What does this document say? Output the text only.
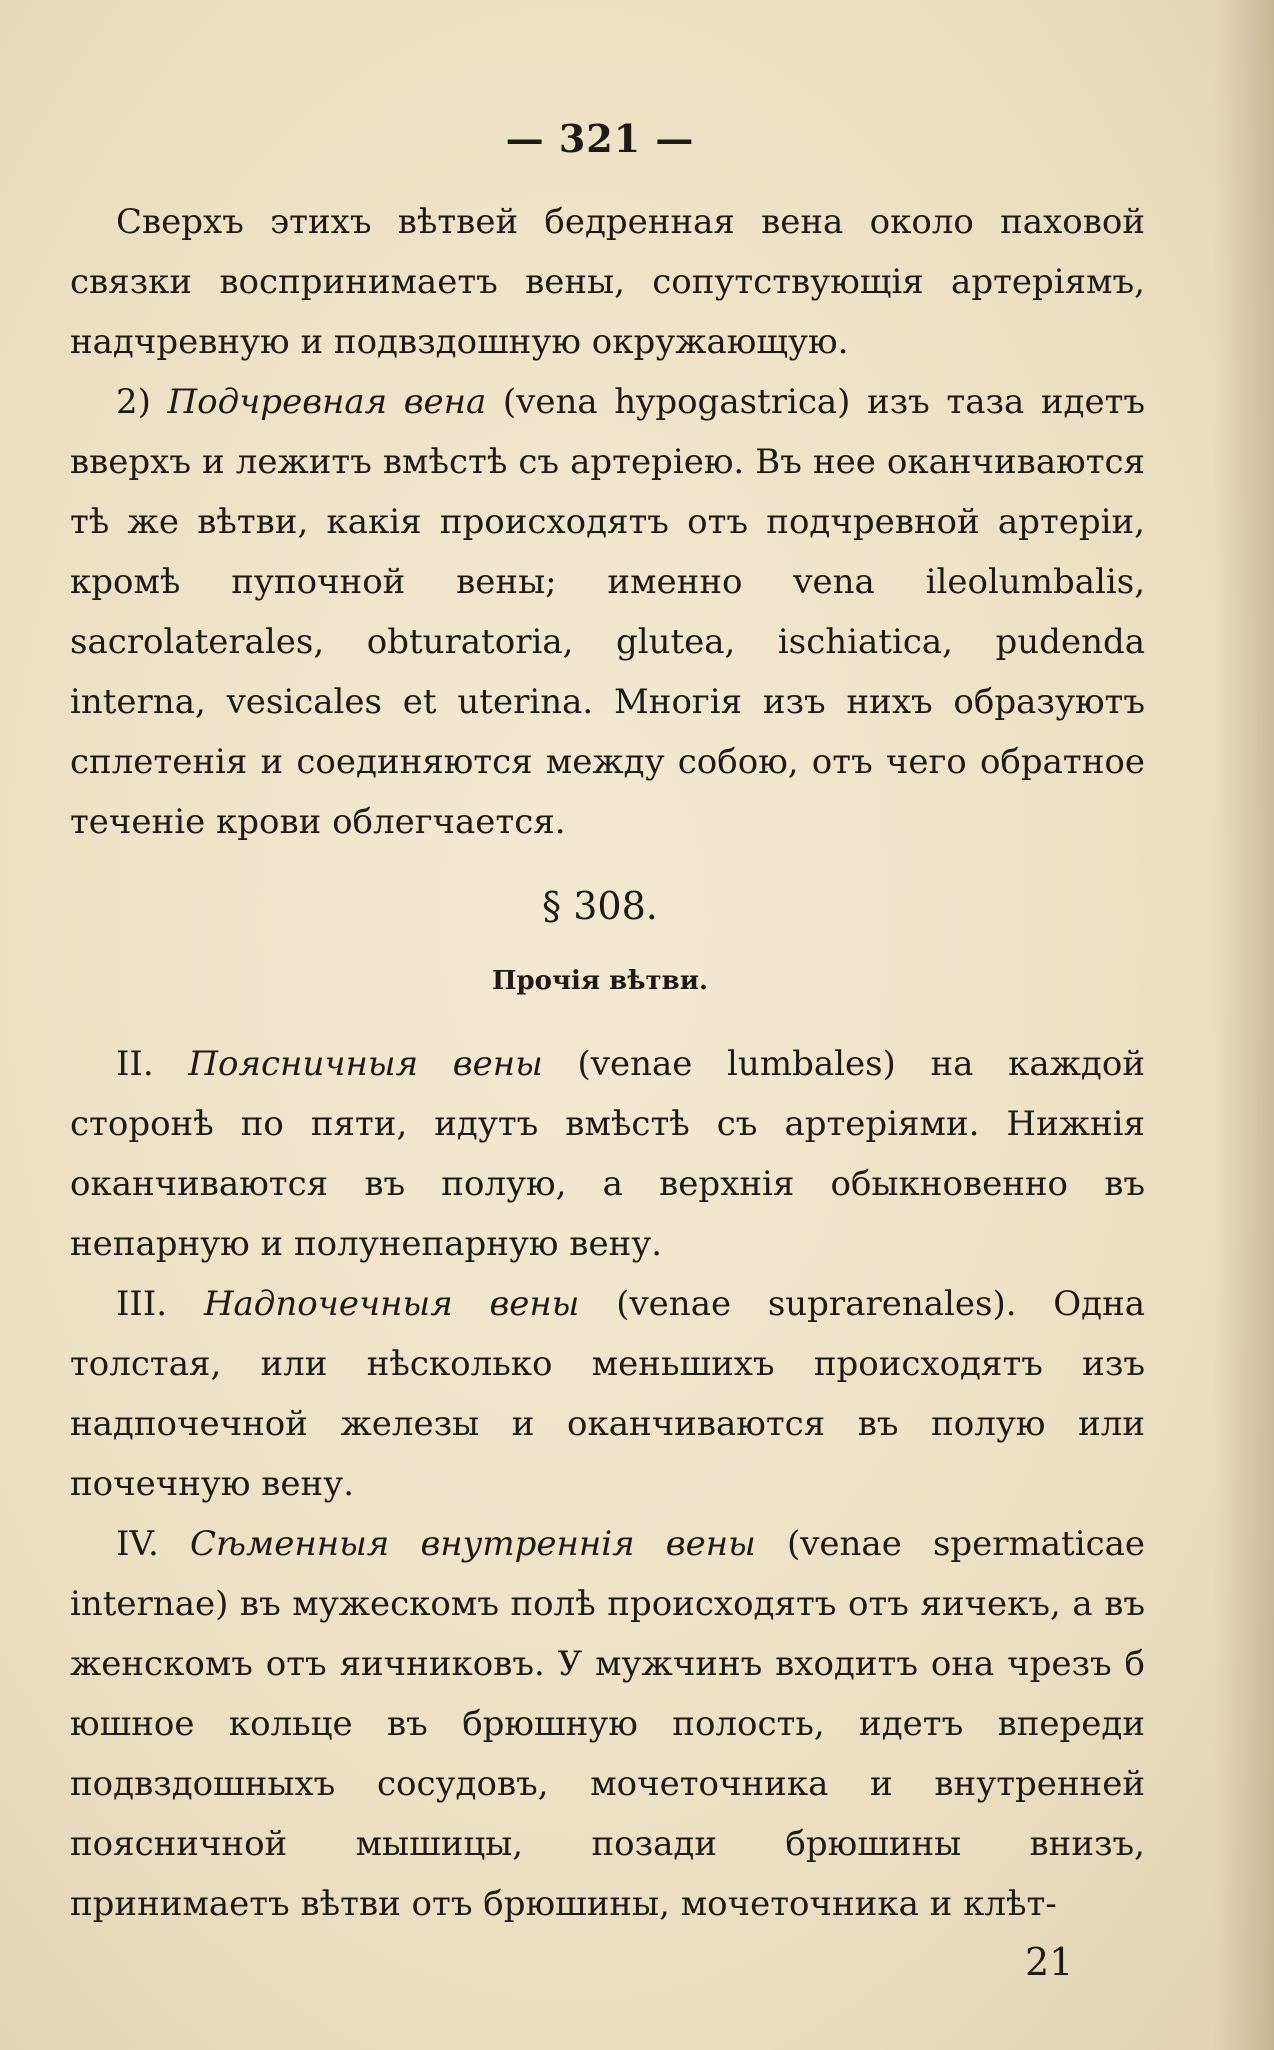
— 321 —

Сверхъ этихъ вѣтвей бедренная вена около паховой связки воспринимаетъ вены, сопутствующія артеріямъ, надчревную и подвздошную окружающую.

2) Подчревная вена (vena hypogastrica) изъ таза идетъ вверхъ и лежитъ вмѣстѣ съ артеріею. Въ нее оканчиваются тѣ же вѣтви, какія происходятъ отъ подчревной артеріи, кромѣ пупочной вены; именно vena ileolumbalis, sacrolaterales, obturatoria, glutea, ischiatica, pudenda interna, vesicales et uterina. Многія изъ нихъ образуютъ сплетенія и соединяются между собою, отъ чего обратное теченіе крови облегчается.

§ 308.
Прочія вѣтви.

II. Поясничныя вены (venae lumbales) на каждой сторонѣ по пяти, идутъ вмѣстѣ съ артеріями. Нижнія оканчиваются въ полую, а верхнія обыкновенно въ непарную и полунепарную вену.

III. Надпочечныя вены (venae suprarenales). Одна толстая, или нѣсколько меньшихъ происходятъ изъ надпочечной железы и оканчиваются въ полую или почечную вену.

IV. Сѣменныя внутреннія вены (venae spermaticae internae) въ мужескомъ полѣ происходятъ отъ яичекъ, а въ женскомъ отъ яичниковъ. У мужчинъ входитъ она чрезъ б юшное кольце въ брюшную полость, идетъ впереди подвздошныхъ сосудовъ, мочеточника и внутренней поясничной мышицы, позади брюшины внизъ, принимаетъ вѣтви отъ брюшины, мочеточника и клѣт-

21
